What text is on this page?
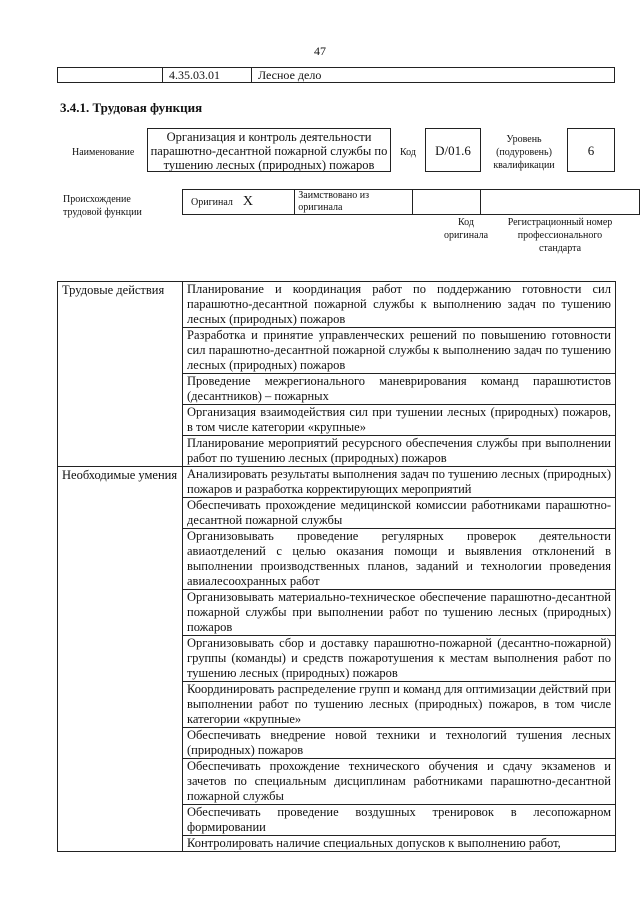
47
	4.35.03.01	Лесное дело
3.4.1. Трудовая функция
Наименование
Организация и контроль деятельности парашютно-десантной пожарной службы по тушению лесных (природных) пожаров
Код	D/01.6
Уровень (подуровень) квалификации
6
Происхождение трудовой функции
Оригинал X	Заимствовано из оригинала		
Код оригинала
Регистрационный номер профессионального стандарта
Трудовые действия	Планирование и координация работ по поддержанию готовности сил парашютно-десантной пожарной службы к выполнению задач по тушению лесных (природных) пожаров
	Разработка и принятие управленческих решений по повышению готовности сил парашютно-десантной пожарной службы к выполнению задач по тушению лесных (природных) пожаров
	Проведение межрегионального маневрирования команд парашютистов (десантников) – пожарных
	Организация взаимодействия сил при тушении лесных (природных) пожаров, в том числе категории «крупные»
	Планирование мероприятий ресурсного обеспечения службы при выполнении работ по тушению лесных (природных) пожаров
Необходимые умения	Анализировать результаты выполнения задач по тушению лесных (природных) пожаров и разработка корректирующих мероприятий
	Обеспечивать прохождение медицинской комиссии работниками парашютно-десантной пожарной службы
	Организовывать проведение регулярных проверок деятельности авиаотделений с целью оказания помощи и выявления отклонений в выполнении производственных планов, заданий и технологии проведения авиалесоохранных работ
	Организовывать материально-техническое обеспечение парашютно-десантной пожарной службы при выполнении работ по тушению лесных (природных) пожаров
	Организовывать сбор и доставку парашютно-пожарной (десантно-пожарной) группы (команды) и средств пожаротушения к местам выполнения работ по тушению лесных (природных) пожаров
	Координировать распределение групп и команд для оптимизации действий при выполнении работ по тушению лесных (природных) пожаров, в том числе категории «крупные»
	Обеспечивать внедрение новой техники и технологий тушения лесных (природных) пожаров
	Обеспечивать прохождение технического обучения и сдачу экзаменов и зачетов по специальным дисциплинам работниками парашютно-десантной пожарной службы
	Обеспечивать проведение воздушных тренировок в лесопожарном формировании
	Контролировать наличие специальных допусков к выполнению работ,
